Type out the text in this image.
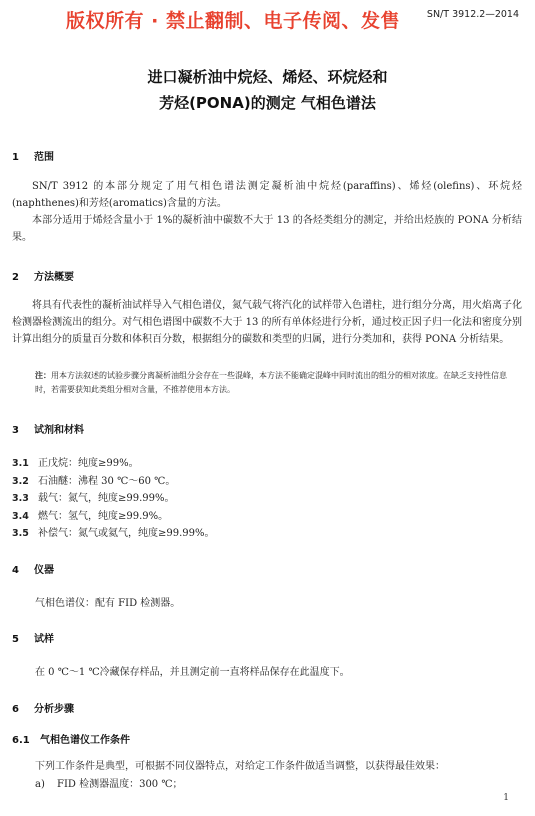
版权所有 · 禁止翻制、电子传阅、发售	SN/T 3912.2—2014
进口凝析油中烷烃、烯烃、环烷烃和
芳烃(PONA)的测定 气相色谱法
1 范围
SN/T 3912 的本部分规定了用气相色谱法测定凝析油中烷烃(paraffins)、烯烃(olefins)、环烷烃(naphthenes)和芳烃(aromatics)含量的方法。
本部分适用于烯烃含量小于 1%的凝析油中碳数不大于 13 的各烃类组分的测定，并给出烃族的 PONA 分析结果。
2 方法概要
将具有代表性的凝析油试样导入气相色谱仪，氮气载气将汽化的试样带入色谱柱，进行组分分离，用火焰离子化检测器检测流出的组分。对气相色谱图中碳数不大于 13 的所有单体烃进行分析，通过校正因子归一化法和密度分别计算出组分的质量百分数和体积百分数，根据组分的碳数和类型的归属，进行分类加和，获得 PONA 分析结果。
注：用本方法叙述的试验步骤分离凝析油组分会存在一些混峰，本方法不能确定混峰中同时流出的组分的相对浓度。在缺乏支持性信息时，若需要获知此类组分相对含量，不推荐使用本方法。
3 试剂和材料
3.1 正戊烷：纯度≥99%。
3.2 石油醚：沸程 30 ℃～60 ℃。
3.3 载气：氮气，纯度≥99.99%。
3.4 燃气：氢气，纯度≥99.9%。
3.5 补偿气：氮气或氦气，纯度≥99.99%。
4 仪器
气相色谱仪：配有 FID 检测器。
5 试样
在 0 ℃～1 ℃冷藏保存样品，并且测定前一直将样品保存在此温度下。
6 分析步骤
6.1 气相色谱仪工作条件
下列工作条件是典型，可根据不同仪器特点，对给定工作条件做适当调整，以获得最佳效果：
a) FID 检测器温度：300 ℃；
1
